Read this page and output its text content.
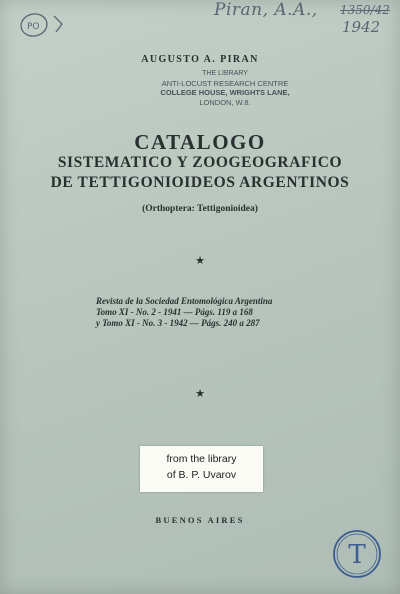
PO
Piran, A.A., 1350/42
1942
AUGUSTO A. PIRAN
THE LIBRARY
ANTI-LOCUST RESEARCH CENTRE
COLLEGE HOUSE, WRIGHTS LANE,
LONDON, W.8.
CATALOGO
SISTEMATICO Y ZOOGEOGRAFICO
DE TETTIGONIOIDEOS ARGENTINOS
(Orthoptera: Tettigonioidea)
★
Revista de la Sociedad Entomológica Argentina
Tomo XI - No. 2 - 1941 — Págs. 119 a 168
y Tomo XI - No. 3 - 1942 — Págs. 240 a 287
★
from the library
of B. P. Uvarov
BUENOS AIRES
T
